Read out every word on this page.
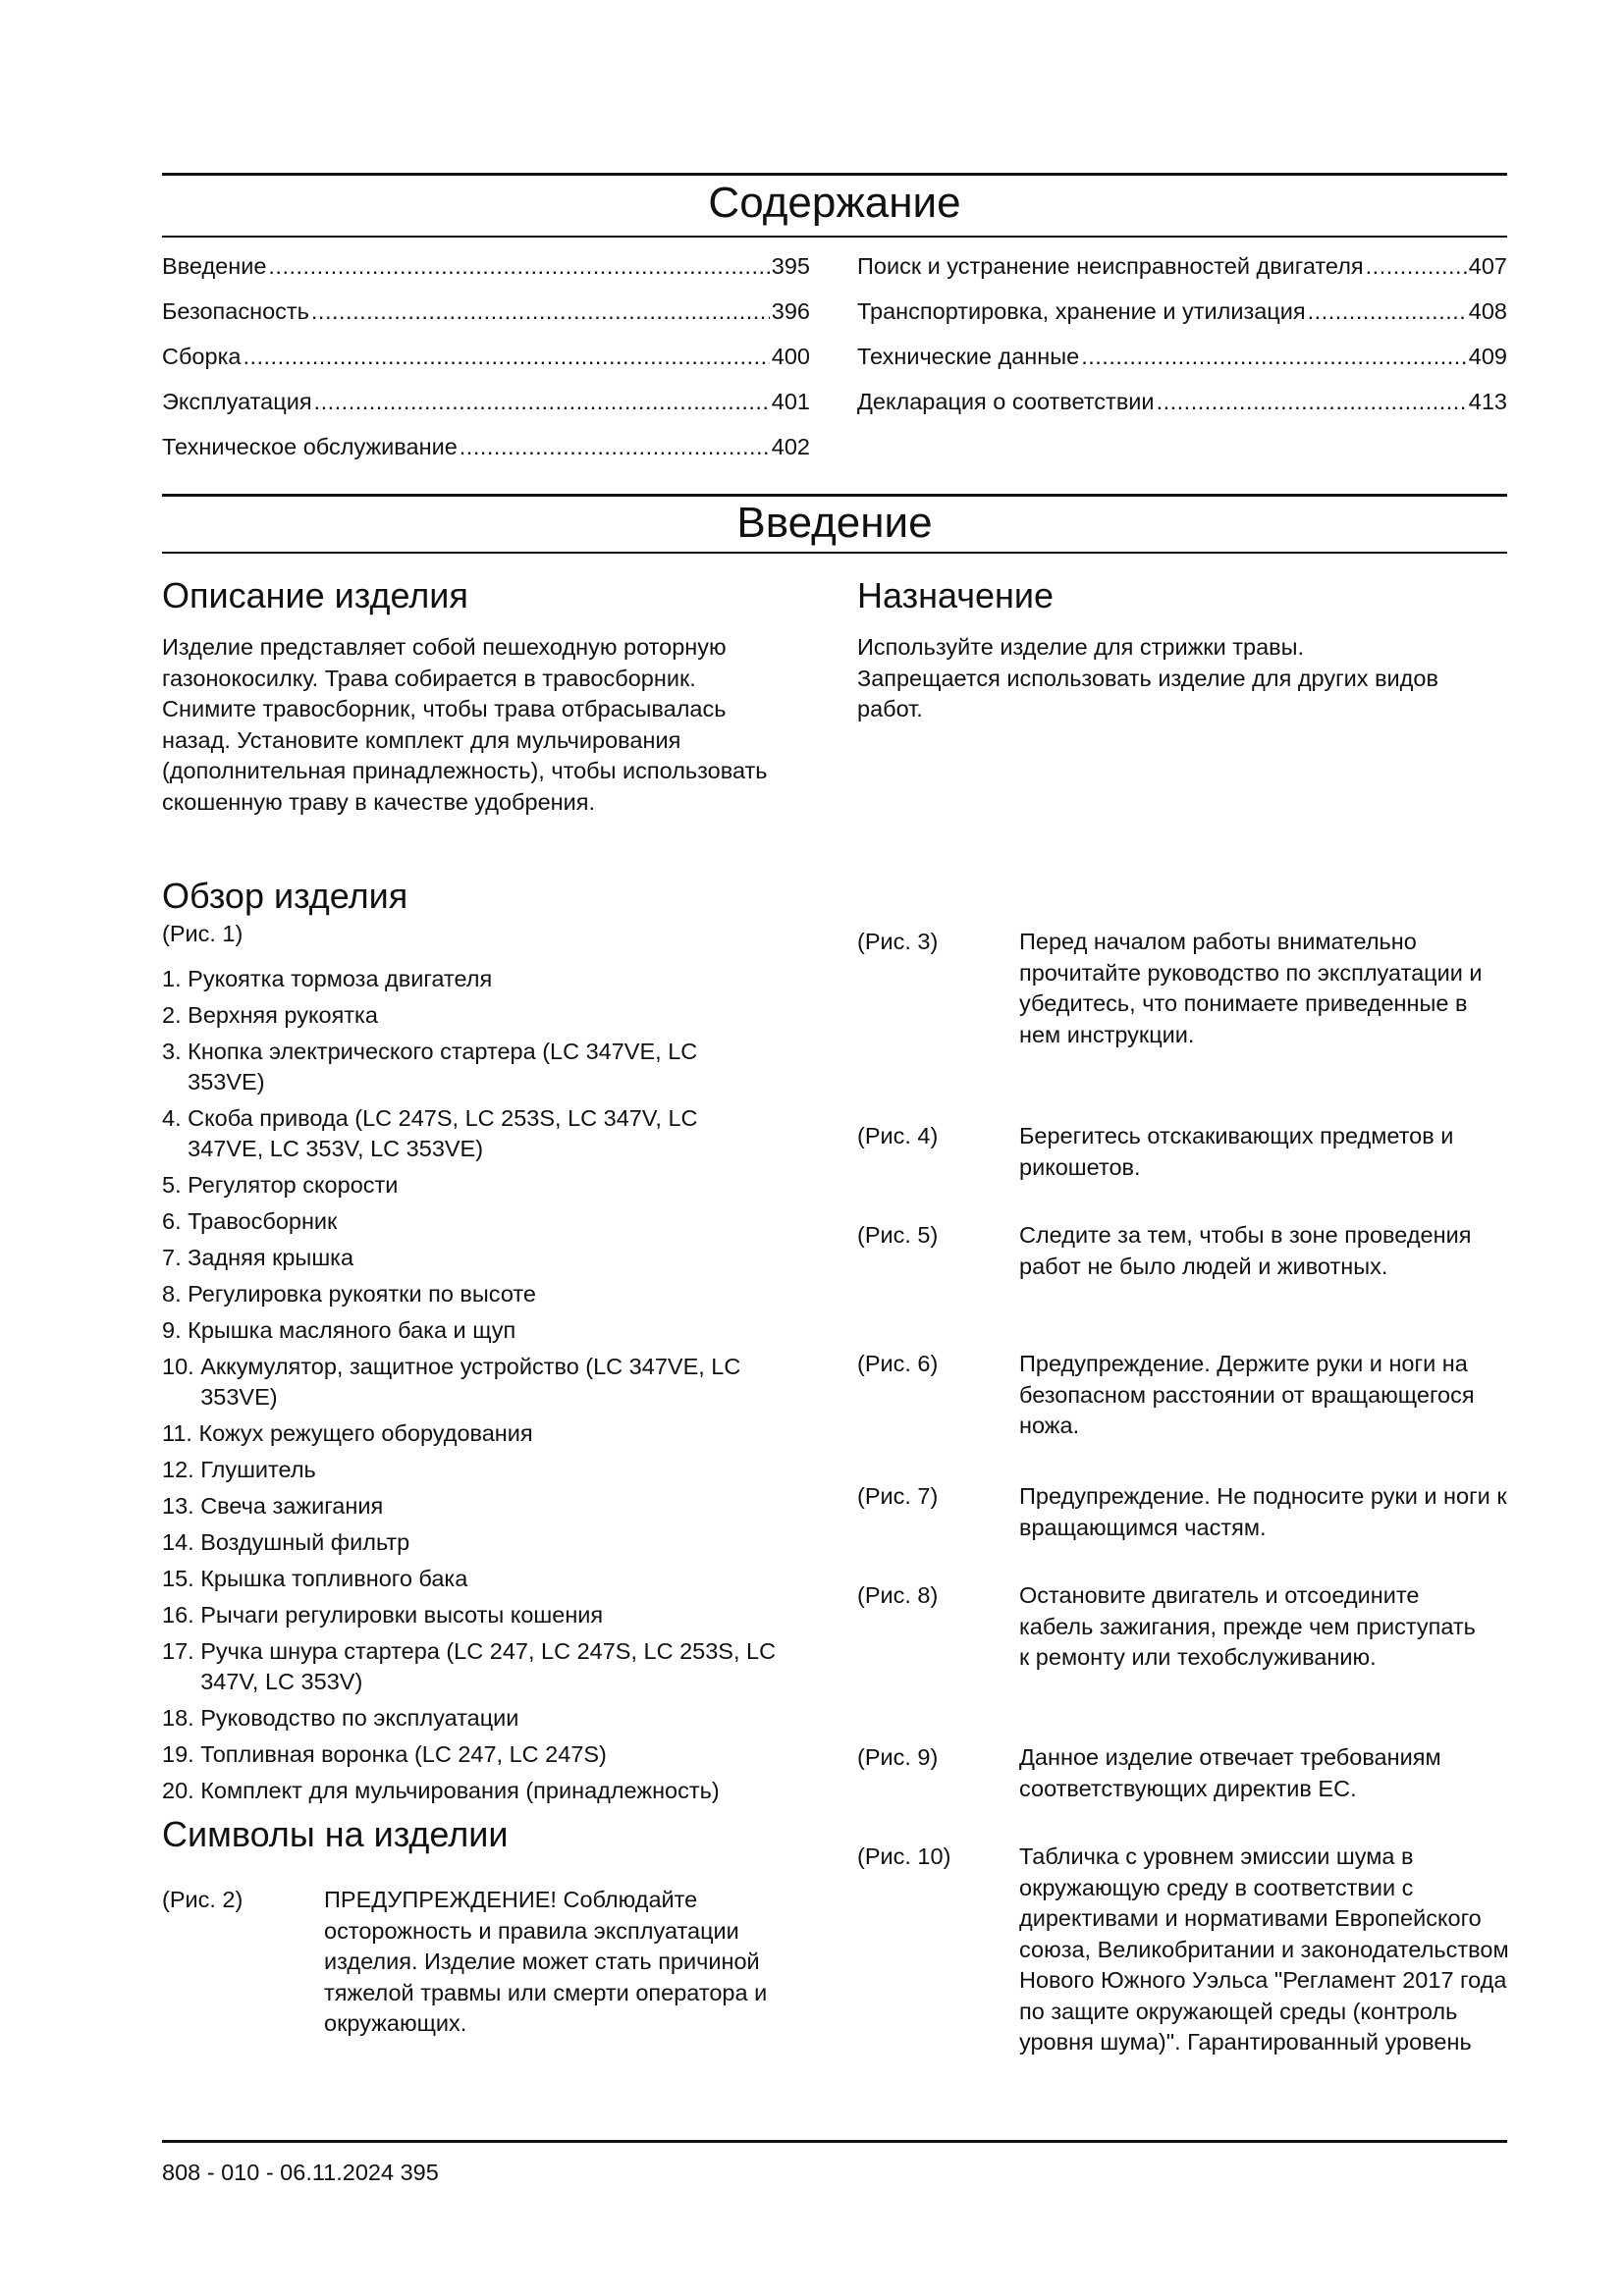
Содержание
Введение .....	395
Безопасность .....	396
Сборка .....	400
Эксплуатация .....	401
Техническое обслуживание .....	402
Поиск и устранение неисправностей двигателя .....	407
Транспортировка, хранение и утилизация .....	408
Технические данные .....	409
Декларация о соответствии .....	413
Введение
Описание изделия
Изделие представляет собой пешеходную роторную газонокосилку. Трава собирается в травосборник. Снимите травосборник, чтобы трава отбрасывалась назад. Установите комплект для мульчирования (дополнительная принадлежность), чтобы использовать скошенную траву в качестве удобрения.
Назначение
Используйте изделие для стрижки травы. Запрещается использовать изделие для других видов работ.
Обзор изделия
(Рис. 1)
1. Рукоятка тормоза двигателя
2. Верхняя рукоятка
3. Кнопка электрического стартера (LC 347VE, LC 353VE)
4. Скоба привода (LC 247S, LC 253S, LC 347V, LC 347VE, LC 353V, LC 353VE)
5. Регулятор скорости
6. Травосборник
7. Задняя крышка
8. Регулировка рукоятки по высоте
9. Крышка масляного бака и щуп
10. Аккумулятор, защитное устройство (LC 347VE, LC 353VE)
11. Кожух режущего оборудования
12. Глушитель
13. Свеча зажигания
14. Воздушный фильтр
15. Крышка топливного бака
16. Рычаги регулировки высоты кошения
17. Ручка шнура стартера (LC 247, LC 247S, LC 253S, LC 347V, LC 353V)
18. Руководство по эксплуатации
19. Топливная воронка (LC 247, LC 247S)
20. Комплект для мульчирования (принадлежность)
Символы на изделии
(Рис. 2)	ПРЕДУПРЕЖДЕНИЕ! Соблюдайте осторожность и правила эксплуатации изделия. Изделие может стать причиной тяжелой травмы или смерти оператора и окружающих.
(Рис. 3)	Перед началом работы внимательно прочитайте руководство по эксплуатации и убедитесь, что понимаете приведенные в нем инструкции.
(Рис. 4)	Берегитесь отскакивающих предметов и рикошетов.
(Рис. 5)	Следите за тем, чтобы в зоне проведения работ не было людей и животных.
(Рис. 6)	Предупреждение. Держите руки и ноги на безопасном расстоянии от вращающегося ножа.
(Рис. 7)	Предупреждение. Не подносите руки и ноги к вращающимся частям.
(Рис. 8)	Остановите двигатель и отсоедините кабель зажигания, прежде чем приступать к ремонту или техобслуживанию.
(Рис. 9)	Данное изделие отвечает требованиям соответствующих директив ЕС.
(Рис. 10)	Табличка с уровнем эмиссии шума в окружающую среду в соответствии с директивами и нормативами Европейского союза, Великобритании и законодательством Нового Южного Уэльса "Регламент 2017 года по защите окружающей среды (контроль уровня шума)". Гарантированный уровень
808 - 010 - 06.11.2024 395
